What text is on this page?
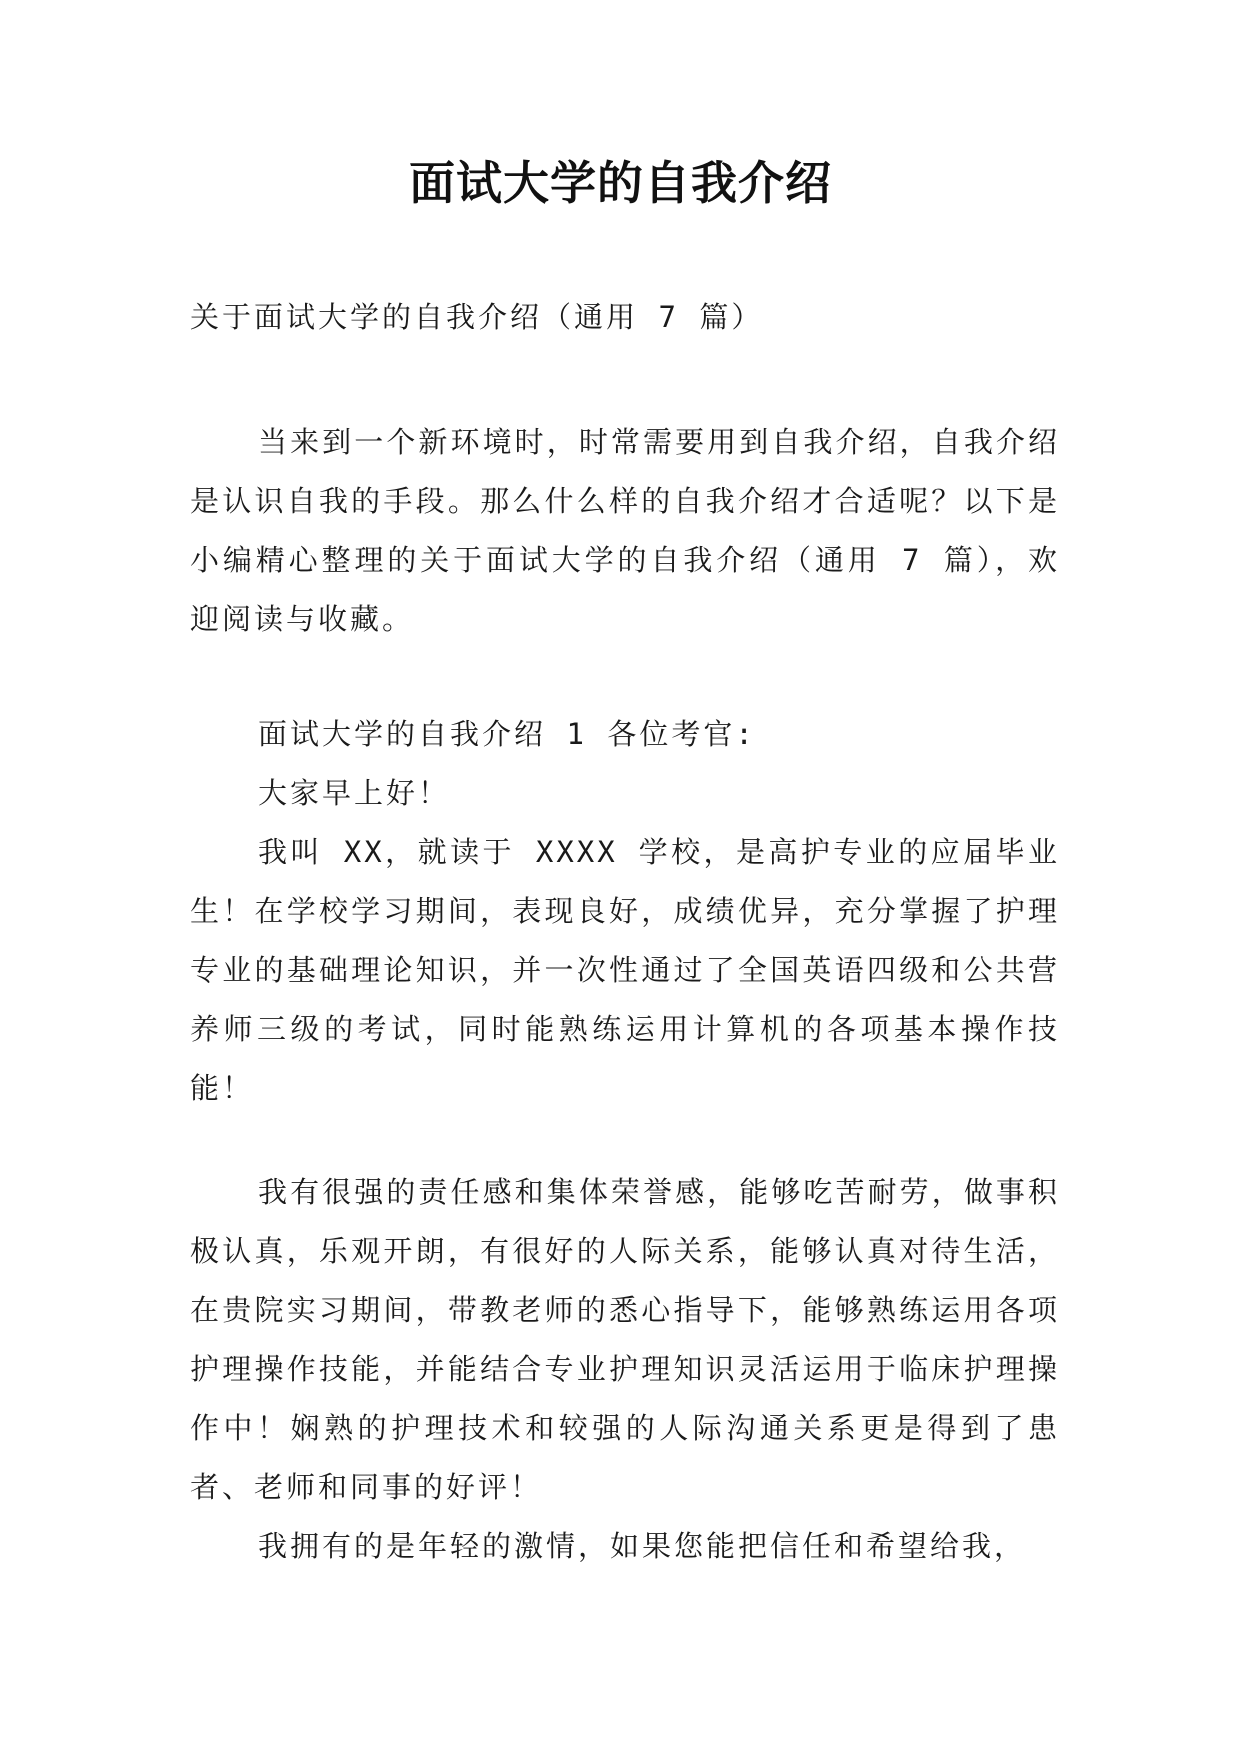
面试大学的自我介绍
关于面试大学的自我介绍（通用 7 篇）

当来到一个新环境时，时常需要用到自我介绍，自我介绍是认识自我的手段。那么什么样的自我介绍才合适呢？以下是小编精心整理的关于面试大学的自我介绍（通用 7 篇），欢迎阅读与收藏。

面试大学的自我介绍 1 各位考官:

大家早上好！

我叫 XX，就读于 XXXX 学校，是高护专业的应届毕业生！在学校学习期间，表现良好，成绩优异，充分掌握了护理专业的基础理论知识，并一次性通过了全国英语四级和公共营养师三级的考试，同时能熟练运用计算机的各项基本操作技能！

我有很强的责任感和集体荣誉感，能够吃苦耐劳，做事积极认真，乐观开朗，有很好的人际关系，能够认真对待生活，在贵院实习期间，带教老师的悉心指导下，能够熟练运用各项护理操作技能，并能结合专业护理知识灵活运用于临床护理操作中！娴熟的护理技术和较强的人际沟通关系更是得到了患者、老师和同事的好评！

我拥有的是年轻的激情，如果您能把信任和希望给我，
